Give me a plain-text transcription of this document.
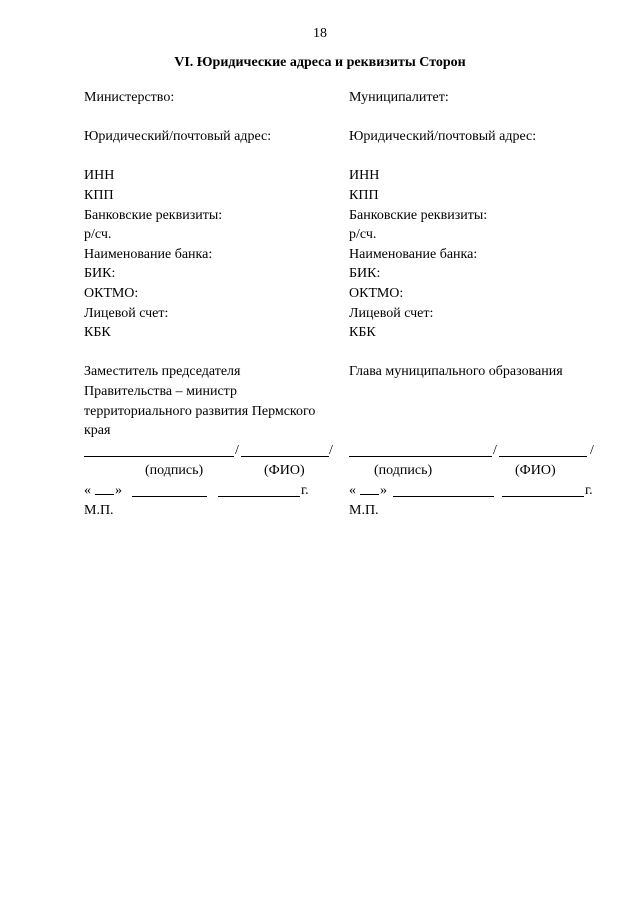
18
VI. Юридические адреса и реквизиты Сторон
Министерство:
Юридический/почтовый адрес:
ИНН
КПП
Банковские реквизиты:
р/сч.
Наименование банка:
БИК:
ОКТМО:
Лицевой счет:
КБК
Заместитель председателя
Правительства – министр
территориального развития Пермского
края
/	/
(подпись)	(ФИО)
« »	г.
М.П.
Муниципалитет:
Юридический/почтовый адрес:
ИНН
КПП
Банковские реквизиты:
р/сч.
Наименование банка:
БИК:
ОКТМО:
Лицевой счет:
КБК
Глава муниципального образования
/	/
(подпись)	(ФИО)
« »	г.
М.П.
